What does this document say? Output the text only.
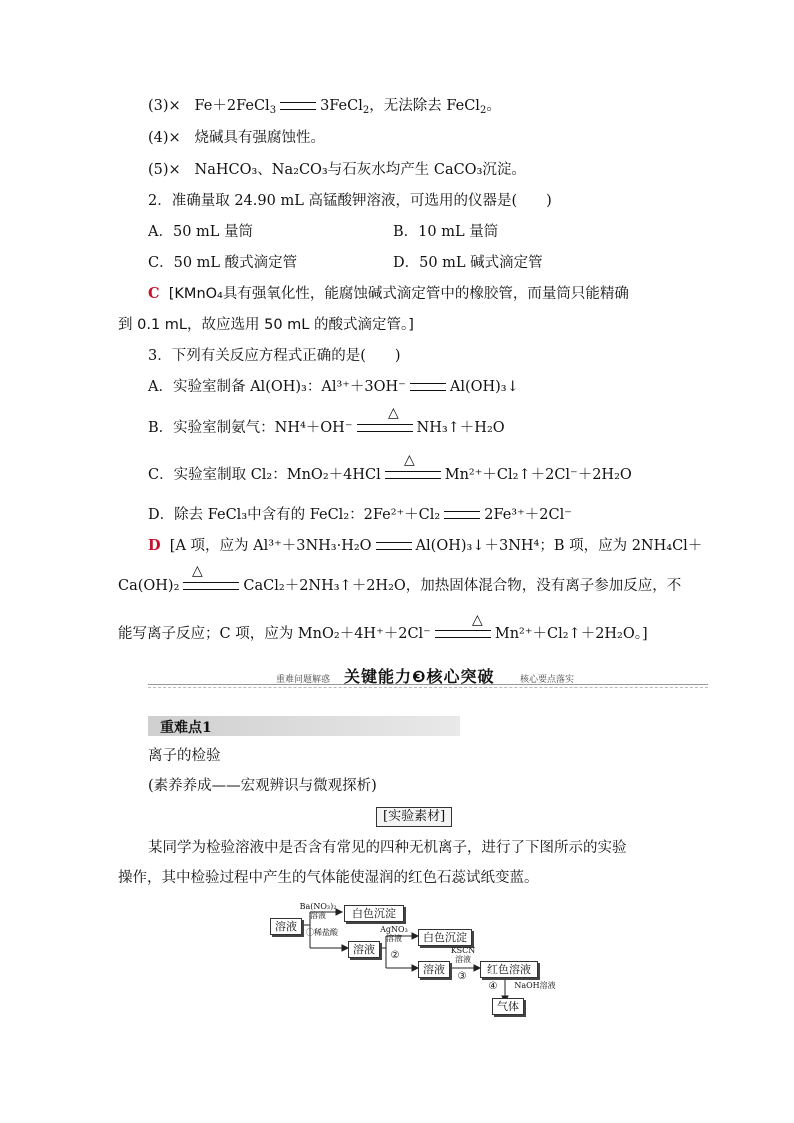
(3)× Fe＋2FeCl$_3$	3FeCl$_2$，无法除去 FeCl$_2$。
(4)× 烧碱具有强腐蚀性。
(5)× NaHCO₃、Na₂CO₃与石灰水均产生 CaCO₃沉淀。
2．准确量取 24.90 mL 高锰酸钾溶液，可选用的仪器是(　　)
A．50 mL 量筒	B．10 mL 量筒
C．50 mL 酸式滴定管	D．50 mL 碱式滴定管
C [KMnO₄具有强氧化性，能腐蚀碱式滴定管中的橡胶管，而量筒只能精确
到 0.1 mL，故应选用 50 mL 的酸式滴定管。]
3．下列有关反应方程式正确的是(　　)
A．实验室制备 Al(OH)₃：Al³⁺＋3OH⁻	Al(OH)₃↓
△
B．实验室制氨气：NH⁴＋OH⁻	NH₃↑＋H₂O
△
C．实验室制取 Cl₂：MnO₂＋4HCl	Mn²⁺＋Cl₂↑＋2Cl⁻＋2H₂O
D．除去 FeCl₃中含有的 FeCl₂：2Fe²⁺＋Cl₂	2Fe³⁺＋2Cl⁻
D [A 项，应为 Al³⁺＋3NH₃·H₂O	Al(OH)₃↓＋3NH⁴；B 项，应为 2NH₄Cl＋
△
Ca(OH)₂	CaCl₂＋2NH₃↑＋2H₂O，加热固体混合物，没有离子参加反应，不
△
能写离子反应；C 项，应为 MnO₂＋4H⁺＋2Cl⁻	Mn²⁺＋Cl₂↑＋2H₂O。]
重难问题解惑 关键能力❸核心突破	核心要点落实
重难点1
离子的检验
(素养养成——宏观辨识与微观探析)
[实验素材]
某同学为检验溶液中是否含有常见的四种无机离子，进行了下图所示的实验
操作，其中检验过程中产生的气体能使湿润的红色石蕊试纸变蓝。
溶液
Ba(NO₃)₂
溶液
①稀盐酸
白色沉淀
溶液
AgNO₃
溶液
②
白色沉淀
溶液
KSCN
溶液
③
红色溶液
④	NaOH溶液
气体
